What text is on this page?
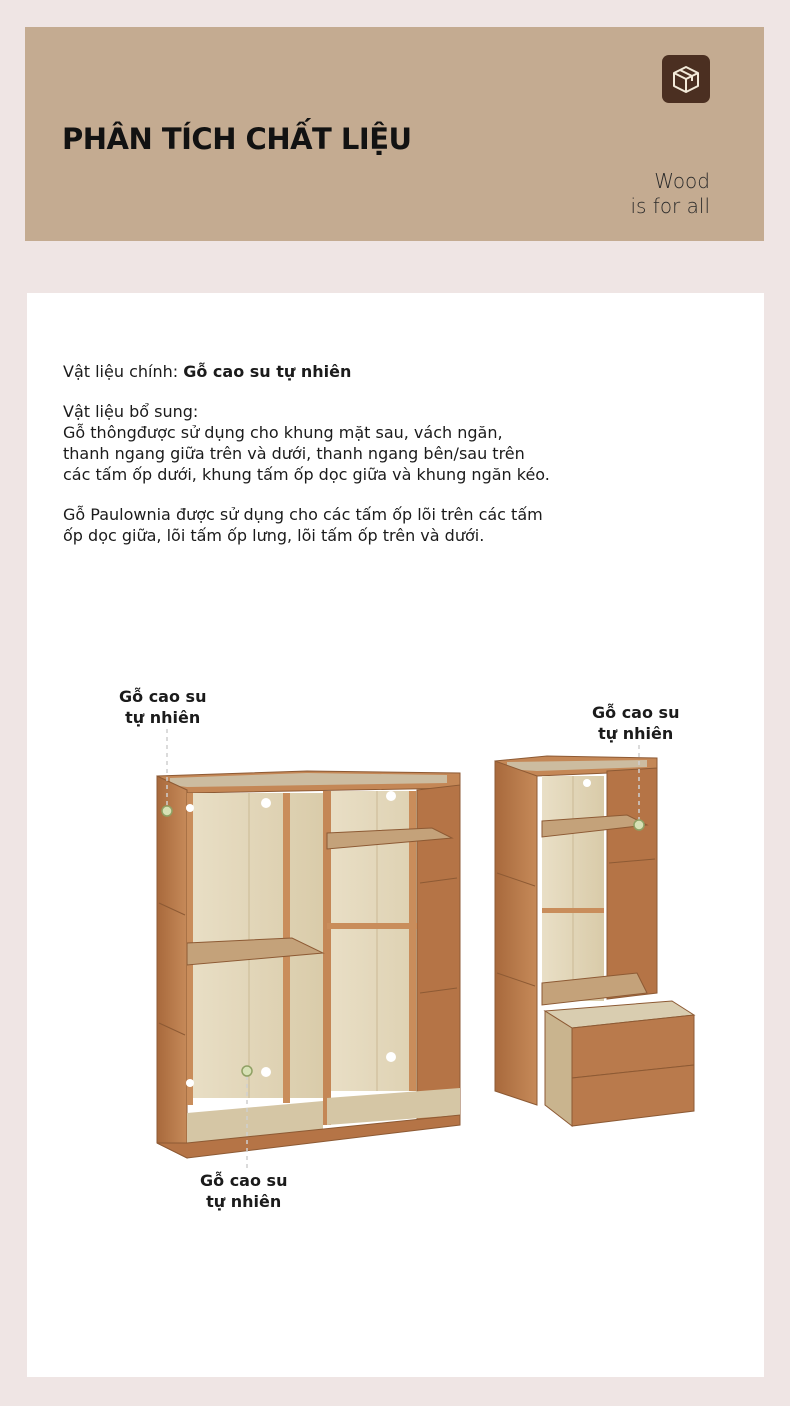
PHÂN TÍCH CHẤT LIỆU
Wood
is for all
Vật liệu chính: Gỗ cao su tự nhiên
Vật liệu bổ sung:
Gỗ thôngđược sử dụng cho khung mặt sau, vách ngăn,
thanh ngang giữa trên và dưới, thanh ngang bên/sau trên
các tấm ốp dưới, khung tấm ốp dọc giữa và khung ngăn kéo.
Gỗ Paulownia được sử dụng cho các tấm ốp lõi trên các tấm
ốp dọc giữa, lõi tấm ốp lưng, lõi tấm ốp trên và dưới.
Gỗ cao su
tự nhiên	Gỗ cao su
tự nhiên
Gỗ cao su
tự nhiên
